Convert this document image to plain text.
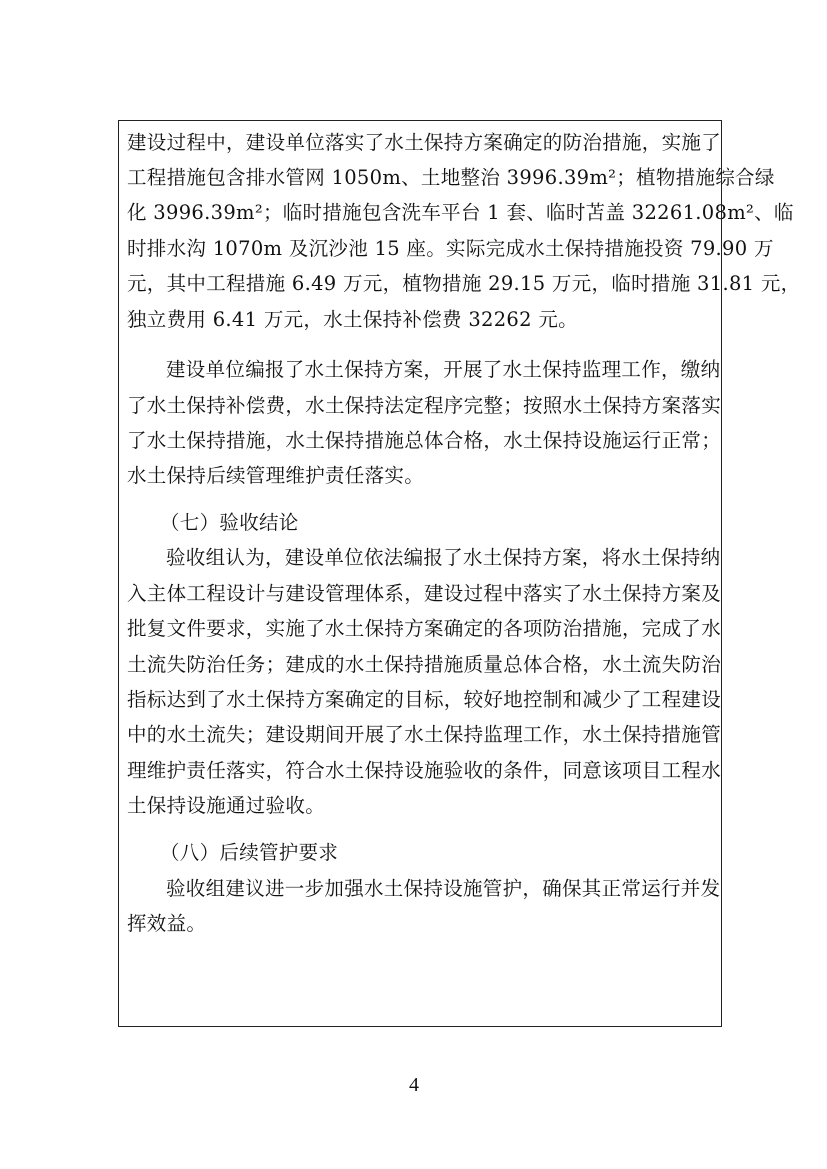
建设过程中，建设单位落实了水土保持方案确定的防治措施，实施了
工程措施包含排水管网 1050m、土地整治 3996.39m²；植物措施综合绿
化 3996.39m²；临时措施包含洗车平台 1 套、临时苫盖 32261.08m²、临
时排水沟 1070m 及沉沙池 15 座。实际完成水土保持措施投资 79.90 万
元，其中工程措施 6.49 万元，植物措施 29.15 万元，临时措施 31.81 元，
独立费用 6.41 万元，水土保持补偿费 32262 元。
建设单位编报了水土保持方案，开展了水土保持监理工作，缴纳
了水土保持补偿费，水土保持法定程序完整；按照水土保持方案落实
了水土保持措施，水土保持措施总体合格，水土保持设施运行正常；
水土保持后续管理维护责任落实。
（七）验收结论
验收组认为，建设单位依法编报了水土保持方案，将水土保持纳
入主体工程设计与建设管理体系，建设过程中落实了水土保持方案及
批复文件要求，实施了水土保持方案确定的各项防治措施，完成了水
土流失防治任务；建成的水土保持措施质量总体合格，水土流失防治
指标达到了水土保持方案确定的目标，较好地控制和减少了工程建设
中的水土流失；建设期间开展了水土保持监理工作，水土保持措施管
理维护责任落实，符合水土保持设施验收的条件，同意该项目工程水
土保持设施通过验收。
（八）后续管护要求
验收组建议进一步加强水土保持设施管护，确保其正常运行并发
挥效益。
4
